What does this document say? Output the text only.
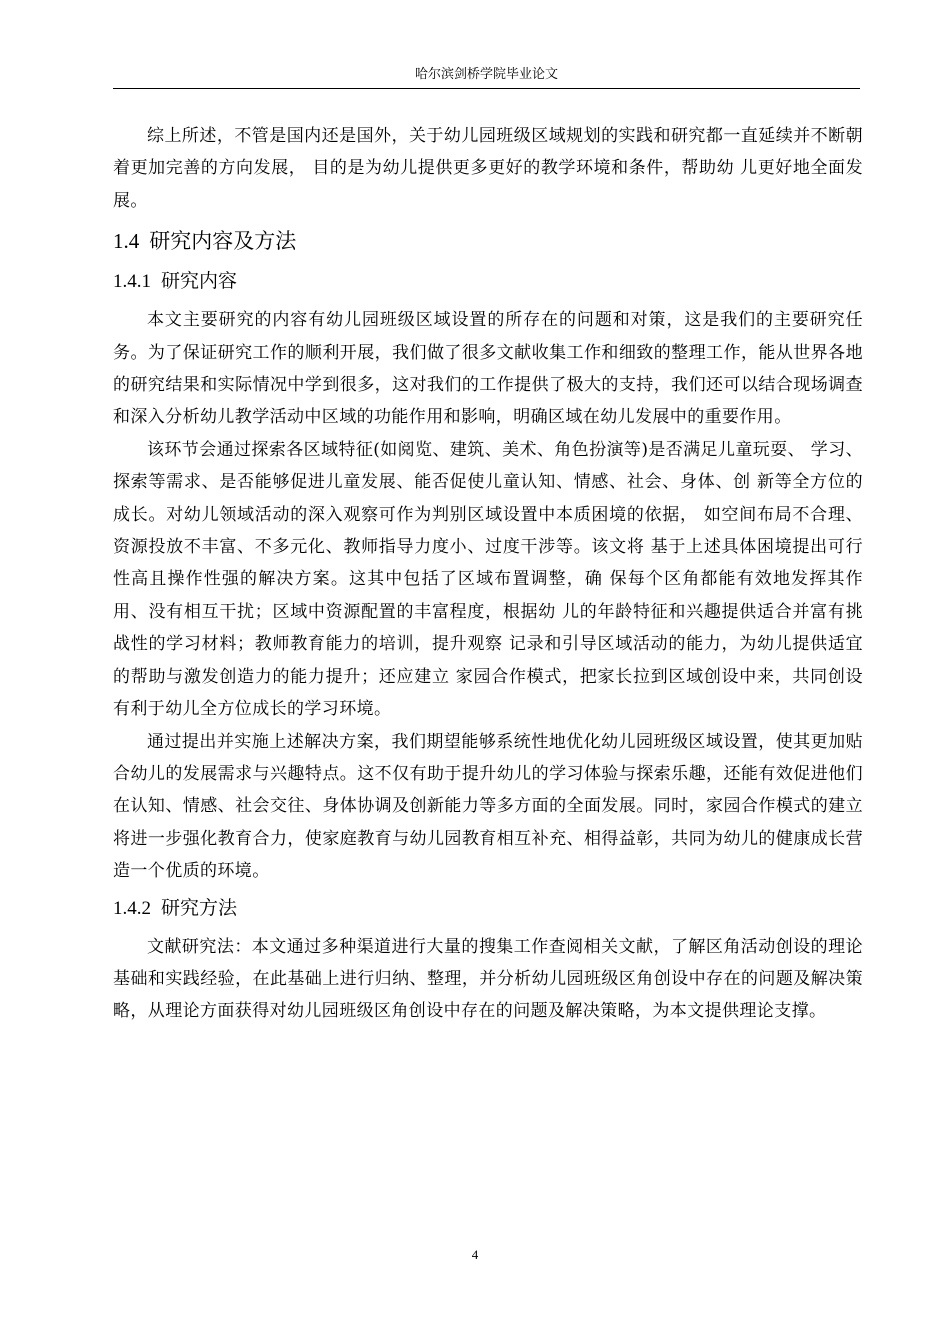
哈尔滨剑桥学院毕业论文

综上所述，不管是国内还是国外，关于幼儿园班级区域规划的实践和研究都一直延续并不断朝着更加完善的方向发展， 目的是为幼儿提供更多更好的教学环境和条件，帮助幼 儿更好地全面发展。

1.4 研究内容及方法
1.4.1 研究内容

本文主要研究的内容有幼儿园班级区域设置的所存在的问题和对策，这是我们的主要研究任务。为了保证研究工作的顺利开展，我们做了很多文献收集工作和细致的整理工作，能从世界各地的研究结果和实际情况中学到很多，这对我们的工作提供了极大的支持，我们还可以结合现场调查和深入分析幼儿教学活动中区域的功能作用和影响，明确区域在幼儿发展中的重要作用。

该环节会通过探索各区域特征(如阅览、建筑、美术、角色扮演等)是否满足儿童玩耍、 学习、探索等需求、是否能够促进儿童发展、能否促使儿童认知、情感、社会、身体、创 新等全方位的成长。对幼儿领域活动的深入观察可作为判别区域设置中本质困境的依据， 如空间布局不合理、资源投放不丰富、不多元化、教师指导力度小、过度干涉等。该文将 基于上述具体困境提出可行性高且操作性强的解决方案。这其中包括了区域布置调整，确 保每个区角都能有效地发挥其作用、没有相互干扰；区域中资源配置的丰富程度，根据幼 儿的年龄特征和兴趣提供适合并富有挑战性的学习材料；教师教育能力的培训，提升观察 记录和引导区域活动的能力，为幼儿提供适宜的帮助与激发创造力的能力提升；还应建立 家园合作模式，把家长拉到区域创设中来，共同创设有利于幼儿全方位成长的学习环境。

通过提出并实施上述解决方案，我们期望能够系统性地优化幼儿园班级区域设置，使其更加贴合幼儿的发展需求与兴趣特点。这不仅有助于提升幼儿的学习体验与探索乐趣，还能有效促进他们在认知、情感、社会交往、身体协调及创新能力等多方面的全面发展。同时，家园合作模式的建立将进一步强化教育合力，使家庭教育与幼儿园教育相互补充、相得益彰，共同为幼儿的健康成长营造一个优质的环境。

1.4.2 研究方法

文献研究法：本文通过多种渠道进行大量的搜集工作查阅相关文献，了解区角活动创设的理论基础和实践经验，在此基础上进行归纳、整理，并分析幼儿园班级区角创设中存在的问题及解决策略，从理论方面获得对幼儿园班级区角创设中存在的问题及解决策略，为本文提供理论支撑。

4
